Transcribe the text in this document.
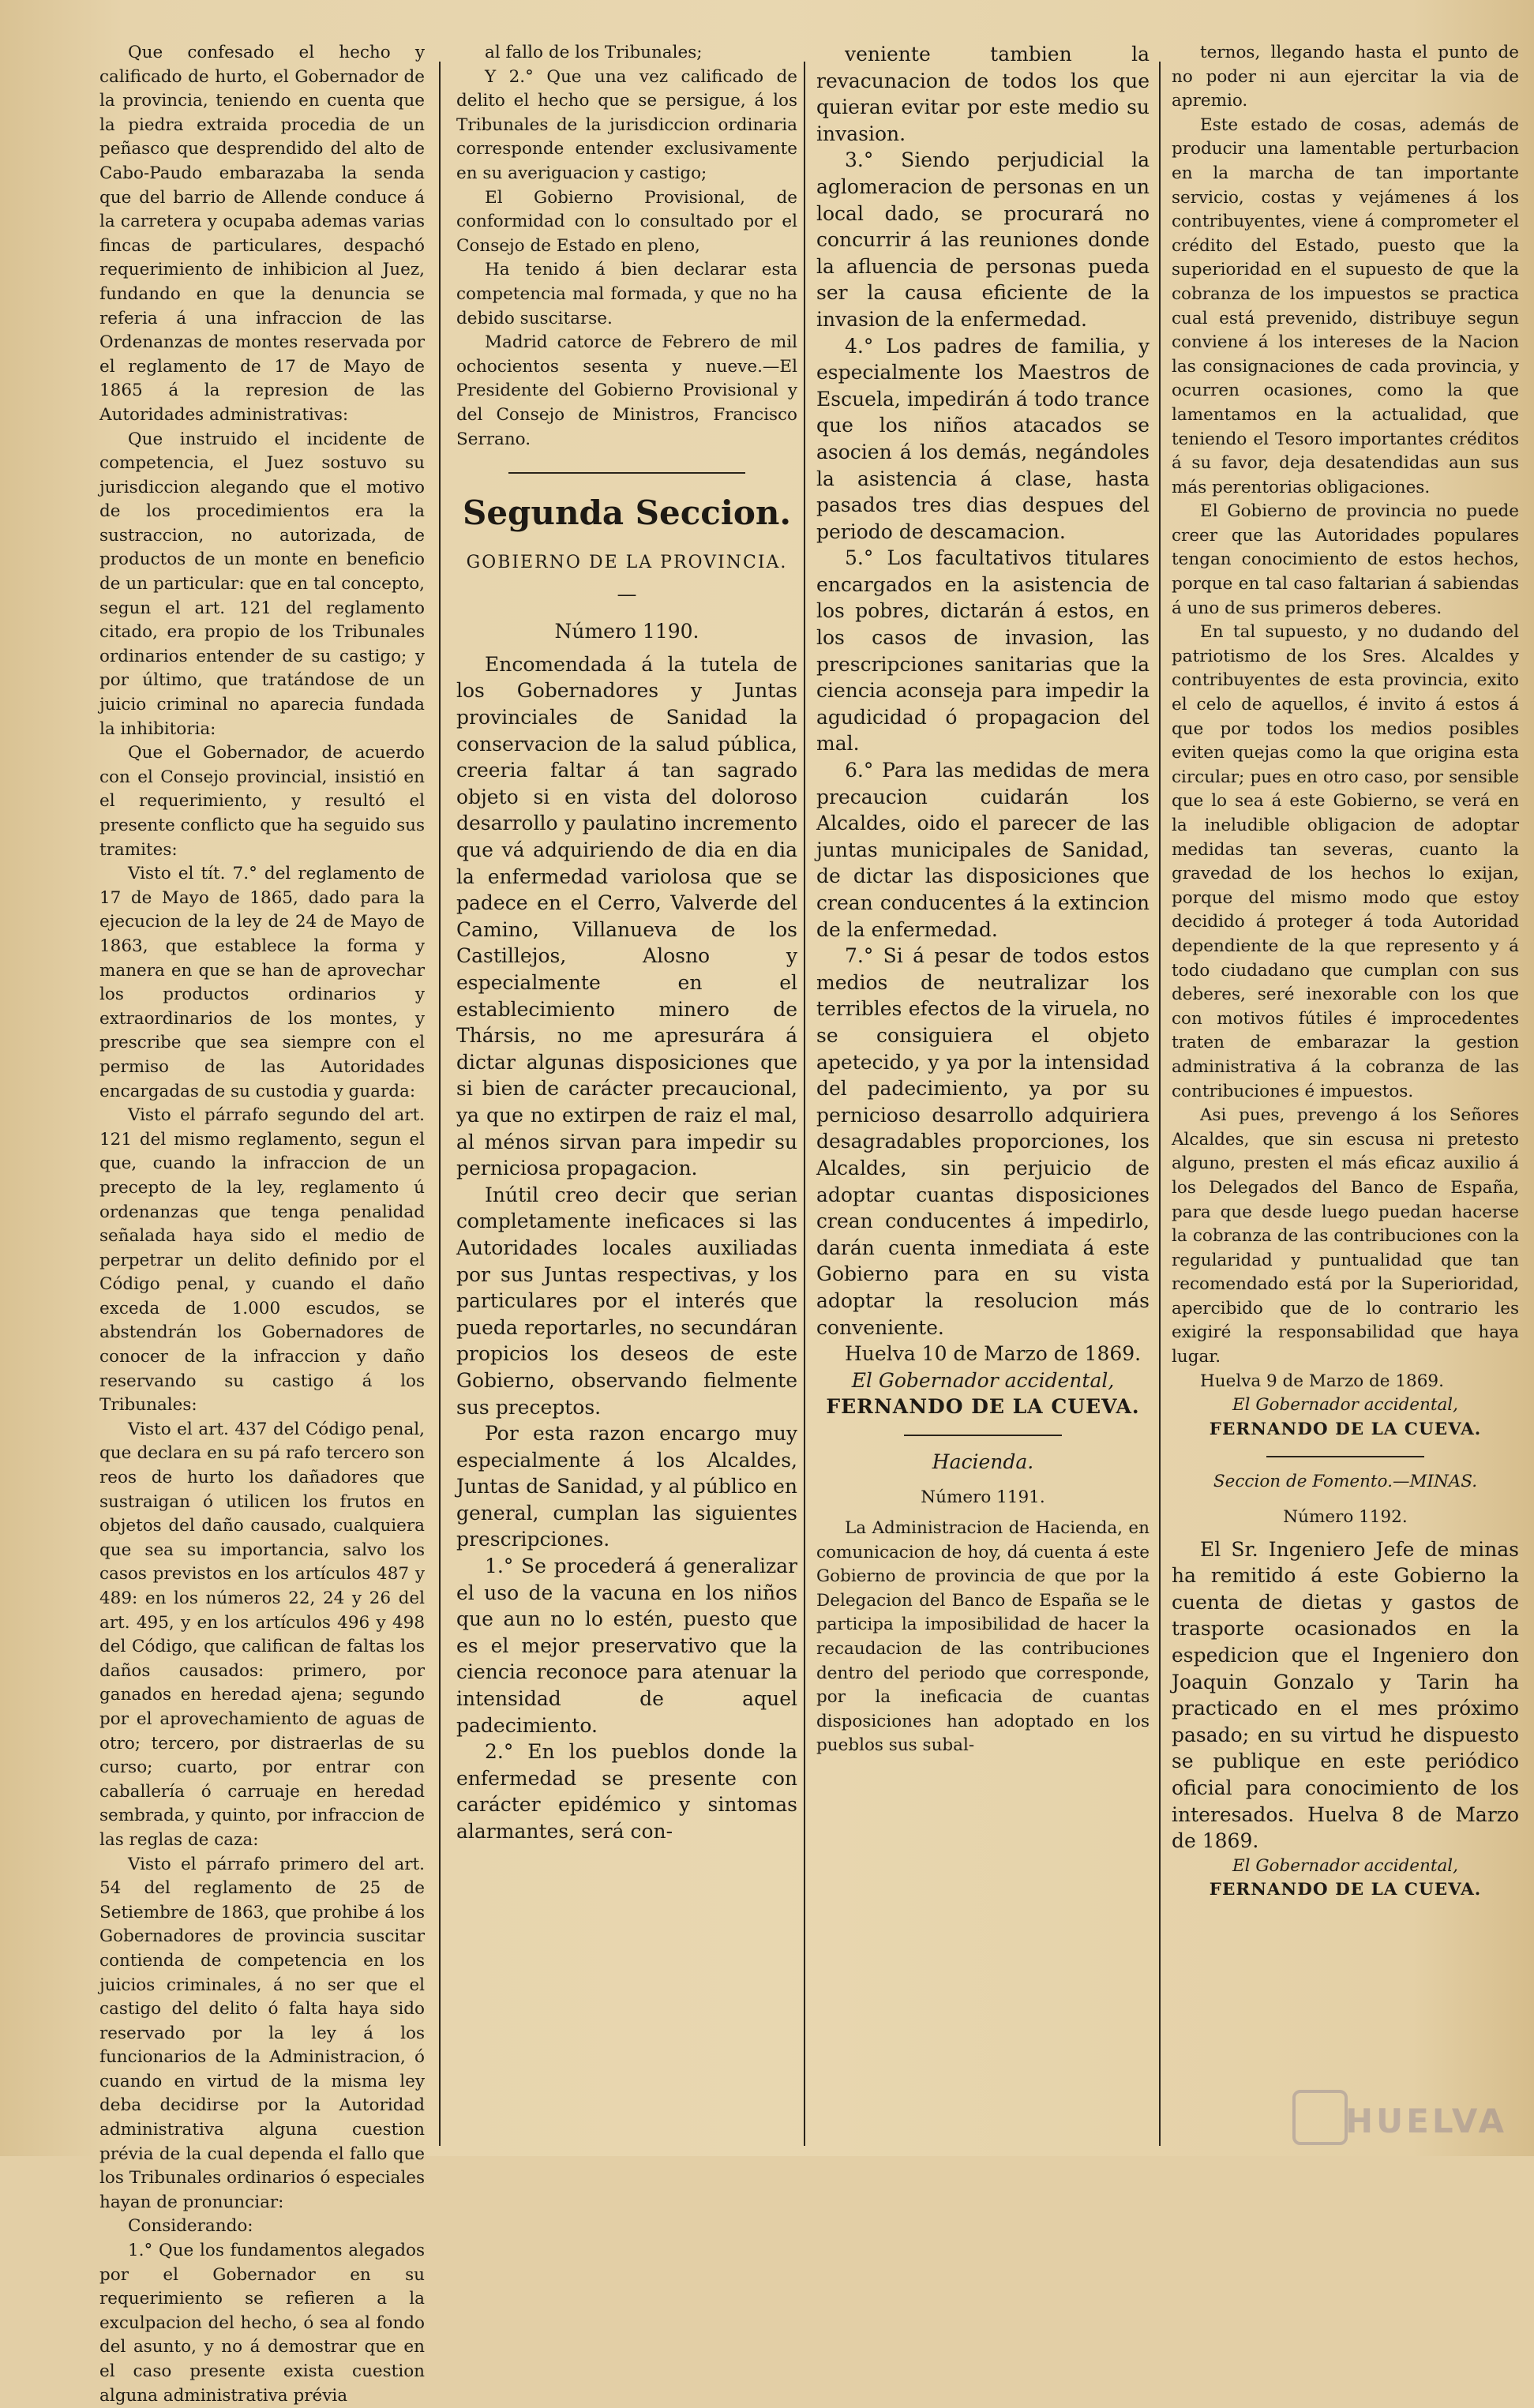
Que confesado el hecho y calificado de hurto, el Gobernador de la provincia, teniendo en cuenta que la piedra extraida procedia de un peñasco que desprendido del alto de Cabo-Paudo embarazaba la senda que del barrio de Allende conduce á la carretera y ocupaba ademas varias fincas de particulares, despachó requerimiento de inhibicion al Juez, fundando en que la denuncia se referia á una infraccion de las Ordenanzas de montes reservada por el reglamento de 17 de Mayo de 1865 á la represion de las Autoridades administrativas:

Que instruido el incidente de competencia, el Juez sostuvo su jurisdiccion alegando que el motivo de los procedimientos era la sustraccion, no autorizada, de productos de un monte en beneficio de un particular: que en tal concepto, segun el art. 121 del reglamento citado, era propio de los Tribunales ordinarios entender de su castigo; y por último, que tratándose de un juicio criminal no aparecia fundada la inhibitoria:

Que el Gobernador, de acuerdo con el Consejo provincial, insistió en el requerimiento, y resultó el presente conflicto que ha seguido sus tramites:

Visto el tít. 7.° del reglamento de 17 de Mayo de 1865, dado para la ejecucion de la ley de 24 de Mayo de 1863, que establece la forma y manera en que se han de aprovechar los productos ordinarios y extraordinarios de los montes, y prescribe que sea siempre con el permiso de las Autoridades encargadas de su custodia y guarda:

Visto el párrafo segundo del art. 121 del mismo reglamento, segun el que, cuando la infraccion de un precepto de la ley, reglamento ú ordenanzas que tenga penalidad señalada haya sido el medio de perpetrar un delito definido por el Código penal, y cuando el daño exceda de 1.000 escudos, se abstendrán los Gobernadores de conocer de la infraccion y daño reservando su castigo á los Tribunales:

Visto el art. 437 del Código penal, que declara en su pá rafo tercero son reos de hurto los dañadores que sustraigan ó utilicen los frutos en objetos del daño causado, cualquiera que sea su importancia, salvo los casos previstos en los artículos 487 y 489: en los números 22, 24 y 26 del art. 495, y en los artículos 496 y 498 del Código, que califican de faltas los daños causados: primero, por ganados en heredad ajena; segundo por el aprovechamiento de aguas de otro; tercero, por distraerlas de su curso; cuarto, por entrar con caballería ó carruaje en heredad sembrada, y quinto, por infraccion de las reglas de caza:

Visto el párrafo primero del art. 54 del reglamento de 25 de Setiembre de 1863, que prohibe á los Gobernadores de provincia suscitar contienda de competencia en los juicios criminales, á no ser que el castigo del delito ó falta haya sido reservado por la ley á los funcionarios de la Administracion, ó cuando en virtud de la misma ley deba decidirse por la Autoridad administrativa alguna cuestion prévia de la cual dependa el fallo que los Tribunales ordinarios ó especiales hayan de pronunciar:

Considerando:

1.° Que los fundamentos alegados por el Gobernador en su requerimiento se refieren a la exculpacion del hecho, ó sea al fondo del asunto, y no á demostrar que en el caso presente exista cuestion alguna administrativa prévia

al fallo de los Tribunales;

Y 2.° Que una vez calificado de delito el hecho que se persigue, á los Tribunales de la jurisdiccion ordinaria corresponde entender exclusivamente en su averiguacion y castigo;

El Gobierno Provisional, de conformidad con lo consultado por el Consejo de Estado en pleno,

Ha tenido á bien declarar esta competencia mal formada, y que no ha debido suscitarse.

Madrid catorce de Febrero de mil ochocientos sesenta y nueve.—El Presidente del Gobierno Provisional y del Consejo de Ministros, Francisco Serrano.

Segunda Seccion.
GOBIERNO DE LA PROVINCIA.
—
Número 1190.

Encomendada á la tutela de los Gobernadores y Juntas provinciales de Sanidad la conservacion de la salud pública, creeria faltar á tan sagrado objeto si en vista del doloroso desarrollo y paulatino incremento que vá adquiriendo de dia en dia la enfermedad variolosa que se padece en el Cerro, Valverde del Camino, Villanueva de los Castillejos, Alosno y especialmente en el establecimiento minero de Thársis, no me apresurára á dictar algunas disposiciones que si bien de carácter precaucional, ya que no extirpen de raiz el mal, al ménos sirvan para impedir su perniciosa propagacion.

Inútil creo decir que serian completamente ineficaces si las Autoridades locales auxiliadas por sus Juntas respectivas, y los particulares por el interés que pueda reportarles, no secundáran propicios los deseos de este Gobierno, observando fielmente sus preceptos.

Por esta razon encargo muy especialmente á los Alcaldes, Juntas de Sanidad, y al público en general, cumplan las siguientes prescripciones.

1.° Se procederá á generalizar el uso de la vacuna en los niños que aun no lo estén, puesto que es el mejor preservativo que la ciencia reconoce para atenuar la intensidad de aquel padecimiento.

2.° En los pueblos donde la enfermedad se presente con carácter epidémico y sintomas alarmantes, será con-

veniente tambien la revacunacion de todos los que quieran evitar por este medio su invasion.

3.° Siendo perjudicial la aglomeracion de personas en un local dado, se procurará no concurrir á las reuniones donde la afluencia de personas pueda ser la causa eficiente de la invasion de la enfermedad.

4.° Los padres de familia, y especialmente los Maestros de Escuela, impedirán á todo trance que los niños atacados se asocien á los demás, negándoles la asistencia á clase, hasta pasados tres dias despues del periodo de descamacion.

5.° Los facultativos titulares encargados en la asistencia de los pobres, dictarán á estos, en los casos de invasion, las prescripciones sanitarias que la ciencia aconseja para impedir la agudicidad ó propagacion del mal.

6.° Para las medidas de mera precaucion cuidarán los Alcaldes, oido el parecer de las juntas municipales de Sanidad, de dictar las disposiciones que crean conducentes á la extincion de la enfermedad.

7.° Si á pesar de todos estos medios de neutralizar los terribles efectos de la viruela, no se consiguiera el objeto apetecido, y ya por la intensidad del padecimiento, ya por su pernicioso desarrollo adquiriera desagradables proporciones, los Alcaldes, sin perjuicio de adoptar cuantas disposiciones crean conducentes á impedirlo, darán cuenta inmediata á este Gobierno para en su vista adoptar la resolucion más conveniente.

Huelva 10 de Marzo de 1869.

El Gobernador accidental,

FERNANDO DE LA CUEVA.

Hacienda.

Número 1191.

La Administracion de Hacienda, en comunicacion de hoy, dá cuenta á este Gobierno de provincia de que por la Delegacion del Banco de España se le participa la imposibilidad de hacer la recaudacion de las contribuciones dentro del periodo que corresponde, por la ineficacia de cuantas disposiciones han adoptado en los pueblos sus subal-

ternos, llegando hasta el punto de no poder ni aun ejercitar la via de apremio.

Este estado de cosas, además de producir una lamentable perturbacion en la marcha de tan importante servicio, costas y vejámenes á los contribuyentes, viene á comprometer el crédito del Estado, puesto que la superioridad en el supuesto de que la cobranza de los impuestos se practica cual está prevenido, distribuye segun conviene á los intereses de la Nacion las consignaciones de cada provincia, y ocurren ocasiones, como la que lamentamos en la actualidad, que teniendo el Tesoro importantes créditos á su favor, deja desatendidas aun sus más perentorias obligaciones.

El Gobierno de provincia no puede creer que las Autoridades populares tengan conocimiento de estos hechos, porque en tal caso faltarian á sabiendas á uno de sus primeros deberes.

En tal supuesto, y no dudando del patriotismo de los Sres. Alcaldes y contribuyentes de esta provincia, exito el celo de aquellos, é invito á estos á que por todos los medios posibles eviten quejas como la que origina esta circular; pues en otro caso, por sensible que lo sea á este Gobierno, se verá en la ineludible obligacion de adoptar medidas tan severas, cuanto la gravedad de los hechos lo exijan, porque del mismo modo que estoy decidido á proteger á toda Autoridad dependiente de la que represento y á todo ciudadano que cumplan con sus deberes, seré inexorable con los que con motivos fútiles é improcedentes traten de embarazar la gestion administrativa á la cobranza de las contribuciones é impuestos.

Asi pues, prevengo á los Señores Alcaldes, que sin escusa ni pretesto alguno, presten el más eficaz auxilio á los Delegados del Banco de España, para que desde luego puedan hacerse la cobranza de las contribuciones con la regularidad y puntualidad que tan recomendado está por la Superioridad, apercibido que de lo contrario les exigiré la responsabilidad que haya lugar.

Huelva 9 de Marzo de 1869.

El Gobernador accidental,

FERNANDO DE LA CUEVA.

Seccion de Fomento.—MINAS.

Número 1192.

El Sr. Ingeniero Jefe de minas ha remitido á este Gobierno la cuenta de dietas y gastos de trasporte ocasionados en la espedicion que el Ingeniero don Joaquin Gonzalo y Tarin ha practicado en el mes próximo pasado; en su virtud he dispuesto se publique en este periódico oficial para conocimiento de los interesados. Huelva 8 de Marzo de 1869.

El Gobernador accidental,

FERNANDO DE LA CUEVA.

HUELVA
